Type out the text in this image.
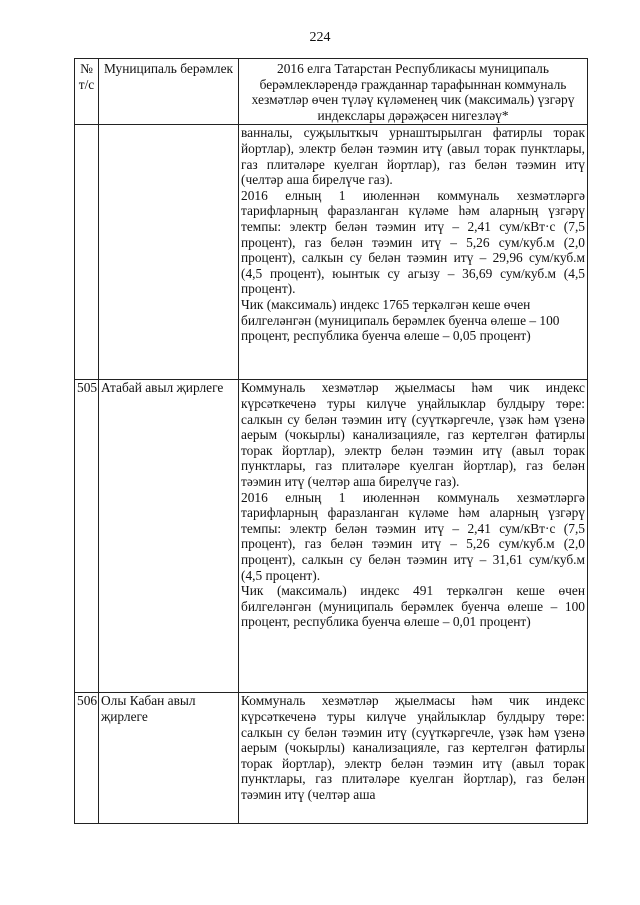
224
№ т/с	Муниципаль берәмлек	2016 елга Татарстан Республикасы муниципаль берәмлекләрендә гражданнар тарафыннан коммуналь хезмәтләр өчен түләү күләменең чик (максималь) үзгәрү индекслары дәрәҗәсен нигезләү*

		ванналы, суҗылыткыч урнаштырылган фатирлы торак йортлар), электр белән тәэмин итү (авыл торак пунктлары, газ плитәләре куелган йортлар), газ белән тәэмин итү (челтәр аша бирелүче газ).
2016 елның 1 июленнән коммуналь хезмәтләргә тарифларның фаразланган күләме һәм аларның үзгәрү темпы: электр белән тәэмин итү – 2,41 сум/кВт·с (7,5 процент), газ белән тәэмин итү – 5,26 сум/куб.м (2,0 процент), салкын су белән тәэмин итү – 29,96 сум/куб.м (4,5 процент), юынтык су агызу – 36,69 сум/куб.м (4,5 процент).
Чик (максималь) индекс 1765 теркәлгән кеше өчен билгеләнгән (муниципаль берәмлек буенча өлеше – 100 процент, республика буенча өлеше – 0,05 процент)

505	Атабай авыл җирлеге	Коммуналь хезмәтләр җыелмасы һәм чик индекс күрсәткеченә туры килүче уңайлыклар булдыру төре: салкын су белән тәэмин итү (суүткәргечле, үзәк һәм үзенә аерым (чокырлы) канализацияле, газ кертелгән фатирлы торак йортлар), электр белән тәэмин итү (авыл торак пунктлары, газ плитәләре куелган йортлар), газ белән тәэмин итү (челтәр аша бирелүче газ).
2016 елның 1 июленнән коммуналь хезмәтләргә тарифларның фаразланган күләме һәм аларның үзгәрү темпы: электр белән тәэмин итү – 2,41 сум/кВт·с (7,5 процент), газ белән тәэмин итү – 5,26 сум/куб.м (2,0 процент), салкын су белән тәэмин итү – 31,61 сум/куб.м (4,5 процент).
Чик (максималь) индекс 491 теркәлгән кеше өчен билгеләнгән (муниципаль берәмлек буенча өлеше – 100 процент, республика буенча өлеше – 0,01 процент)

506	Олы Кабан авыл җирлеге	Коммуналь хезмәтләр җыелмасы һәм чик индекс күрсәткеченә туры килүче уңайлыклар булдыру төре: салкын су белән тәэмин итү (суүткәргечле, үзәк һәм үзенә аерым (чокырлы) канализацияле, газ кертелгән фатирлы торак йортлар), электр белән тәэмин итү (авыл торак пунктлары, газ плитәләре куелган йортлар), газ белән тәэмин итү (челтәр аша
